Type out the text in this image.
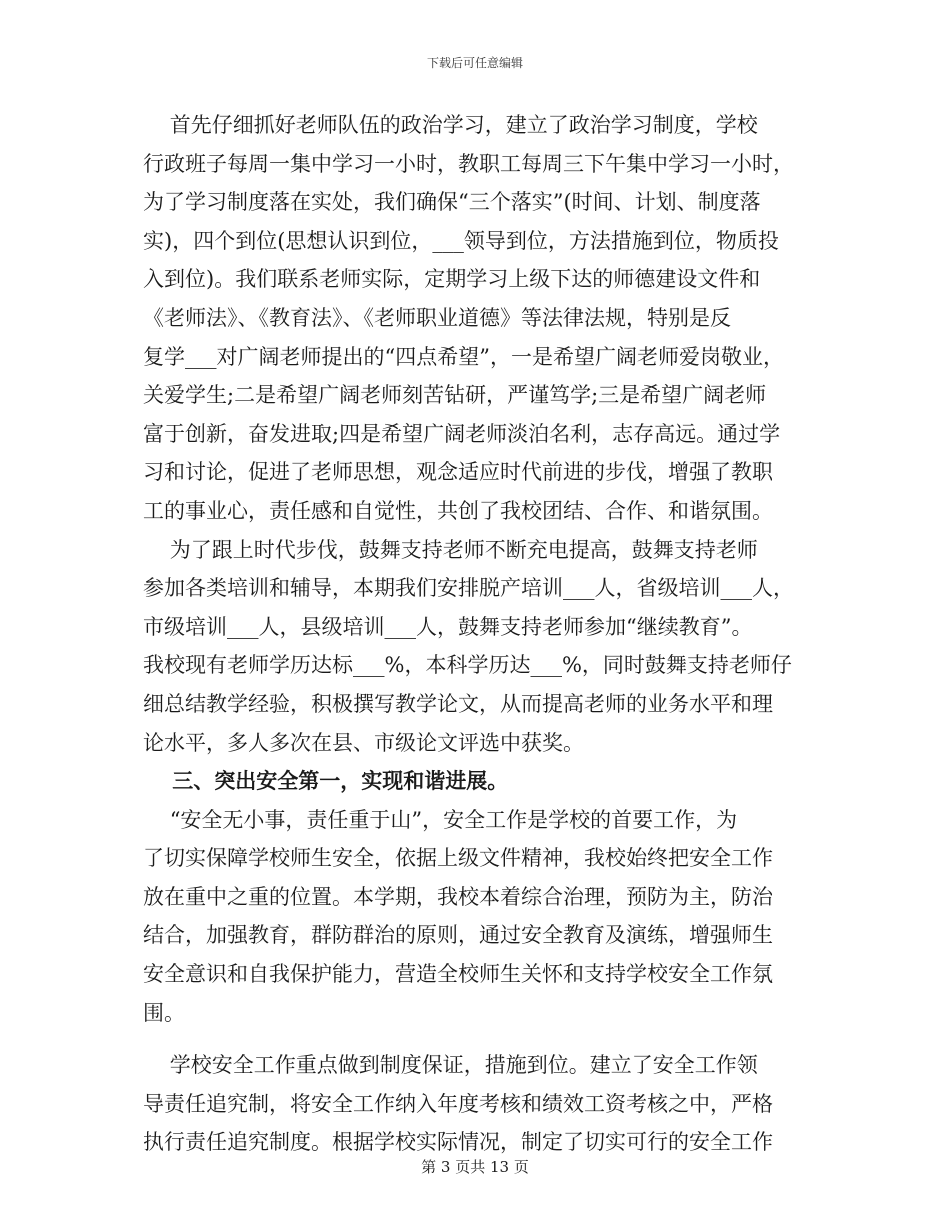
下载后可任意编辑
首先仔细抓好老师队伍的政治学习，建立了政治学习制度，学校
行政班子每周一集中学习一小时，教职工每周三下午集中学习一小时，
为了学习制度落在实处，我们确保“三个落实”(时间、计划、制度落
实)，四个到位(思想认识到位，___领导到位，方法措施到位，物质投
入到位)。我们联系老师实际，定期学习上级下达的师德建设文件和
《老师法》、《教育法》、《老师职业道德》等法律法规，特别是反
复学___对广阔老师提出的“四点希望”，一是希望广阔老师爱岗敬业，
关爱学生;二是希望广阔老师刻苦钻研，严谨笃学;三是希望广阔老师
富于创新，奋发进取;四是希望广阔老师淡泊名利，志存高远。通过学
习和讨论，促进了老师思想，观念适应时代前进的步伐，增强了教职
工的事业心，责任感和自觉性，共创了我校团结、合作、和谐氛围。
为了跟上时代步伐，鼓舞支持老师不断充电提高，鼓舞支持老师
参加各类培训和辅导，本期我们安排脱产培训___人，省级培训___人，
市级培训___人，县级培训___人，鼓舞支持老师参加“继续教育”。
我校现有老师学历达标___%，本科学历达___%，同时鼓舞支持老师仔
细总结教学经验，积极撰写教学论文，从而提高老师的业务水平和理
论水平，多人多次在县、市级论文评选中获奖。
三、突出安全第一，实现和谐进展。
“安全无小事，责任重于山”，安全工作是学校的首要工作，为
了切实保障学校师生安全，依据上级文件精神，我校始终把安全工作
放在重中之重的位置。本学期，我校本着综合治理，预防为主，防治
结合，加强教育，群防群治的原则，通过安全教育及演练，增强师生
安全意识和自我保护能力，营造全校师生关怀和支持学校安全工作氛
围。
学校安全工作重点做到制度保证，措施到位。建立了安全工作领
导责任追究制，将安全工作纳入年度考核和绩效工资考核之中，严格
执行责任追究制度。根据学校实际情况，制定了切实可行的安全工作
第 3 页共 13 页
